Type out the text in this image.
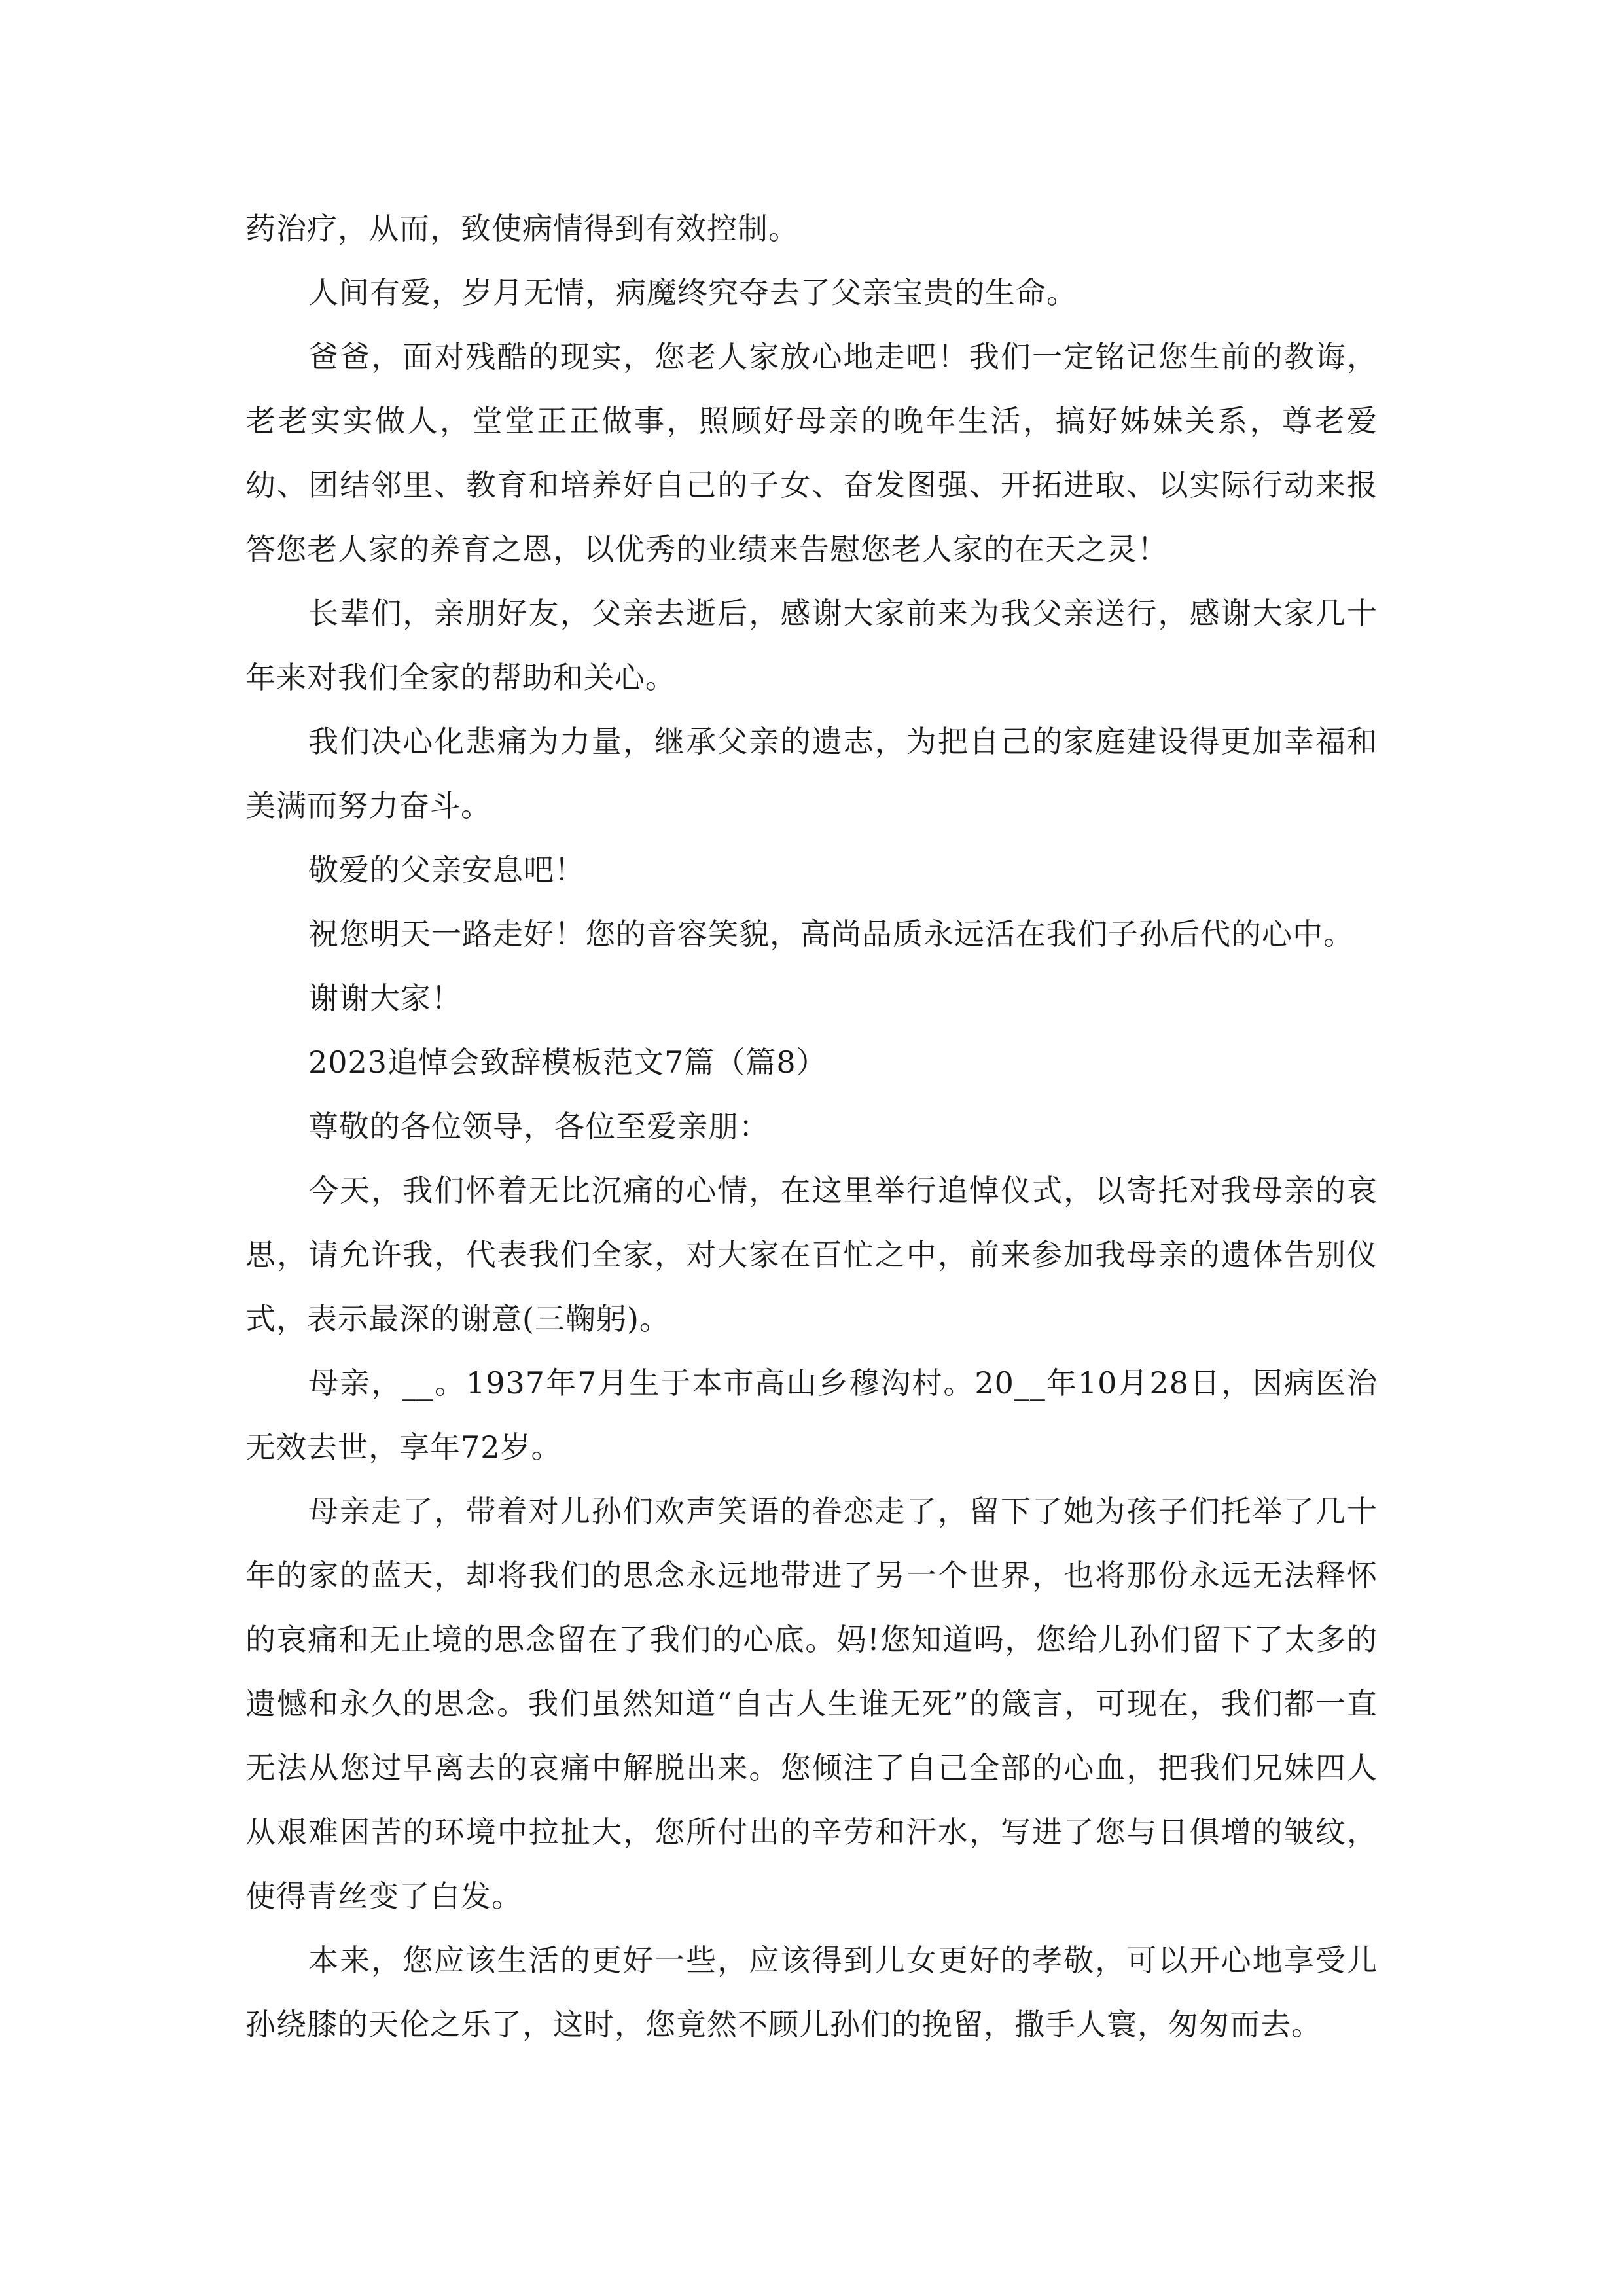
药治疗，从而，致使病情得到有效控制。

人间有爱，岁月无情，病魔终究夺去了父亲宝贵的生命。

爸爸，面对残酷的现实，您老人家放心地走吧！我们一定铭记您生前的教诲，老老实实做人，堂堂正正做事，照顾好母亲的晚年生活，搞好姊妹关系，尊老爱幼、团结邻里、教育和培养好自己的子女、奋发图强、开拓进取、以实际行动来报答您老人家的养育之恩，以优秀的业绩来告慰您老人家的在天之灵！

长辈们，亲朋好友，父亲去逝后，感谢大家前来为我父亲送行，感谢大家几十年来对我们全家的帮助和关心。

我们决心化悲痛为力量，继承父亲的遗志，为把自己的家庭建设得更加幸福和美满而努力奋斗。

敬爱的父亲安息吧！

祝您明天一路走好！您的音容笑貌，高尚品质永远活在我们子孙后代的心中。

谢谢大家！

2023追悼会致辞模板范文7篇（篇8）

尊敬的各位领导，各位至爱亲朋：

今天，我们怀着无比沉痛的心情，在这里举行追悼仪式，以寄托对我母亲的哀思，请允许我，代表我们全家，对大家在百忙之中，前来参加我母亲的遗体告别仪式，表示最深的谢意(三鞠躬)。

母亲，__。1937年7月生于本市高山乡穆沟村。20__年10月28日，因病医治无效去世，享年72岁。

母亲走了，带着对儿孙们欢声笑语的眷恋走了，留下了她为孩子们托举了几十年的家的蓝天，却将我们的思念永远地带进了另一个世界，也将那份永远无法释怀的哀痛和无止境的思念留在了我们的心底。妈!您知道吗，您给儿孙们留下了太多的遗憾和永久的思念。我们虽然知道“自古人生谁无死”的箴言，可现在，我们都一直无法从您过早离去的哀痛中解脱出来。您倾注了自己全部的心血，把我们兄妹四人从艰难困苦的环境中拉扯大，您所付出的辛劳和汗水，写进了您与日俱增的皱纹，使得青丝变了白发。

本来，您应该生活的更好一些，应该得到儿女更好的孝敬，可以开心地享受儿孙绕膝的天伦之乐了，这时，您竟然不顾儿孙们的挽留，撒手人寰，匆匆而去。
